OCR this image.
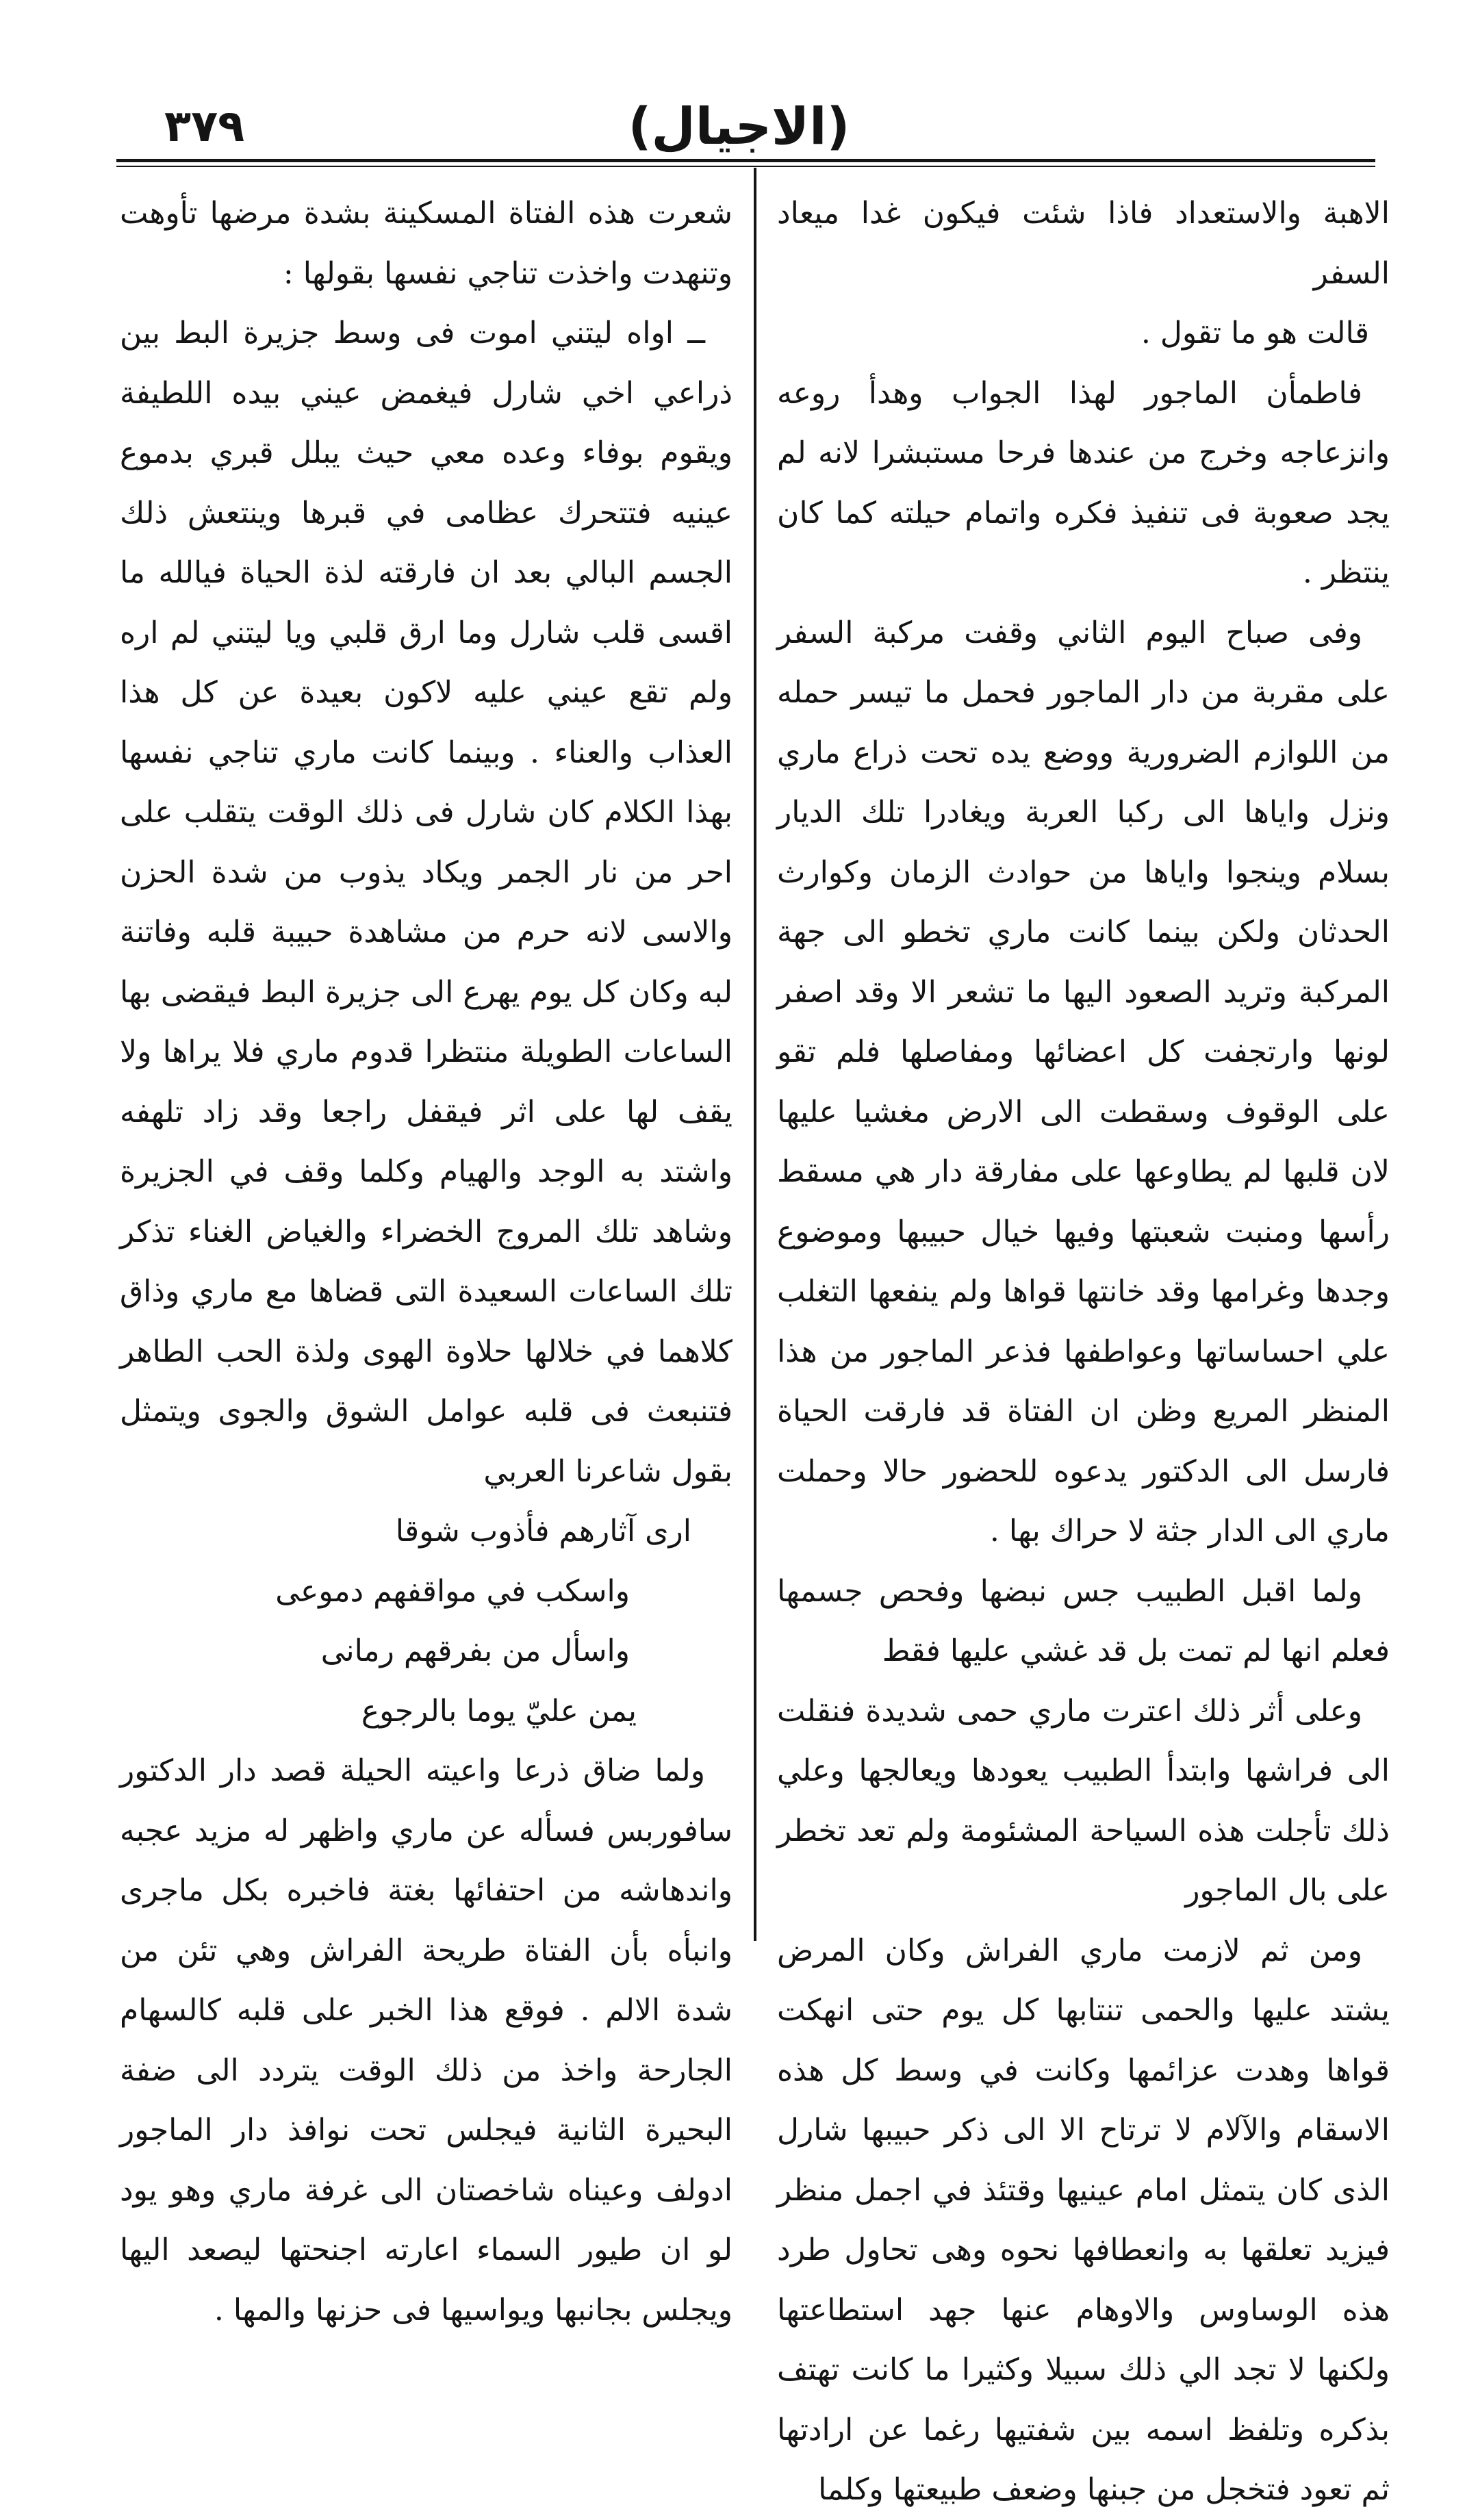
(الاجيال)
٣٧٩

الاهبة والاستعداد فاذا شئت فيكون غدا ميعاد السفر

قالت هو ما تقول .

فاطمأن الماجور لهذا الجواب وهدأ روعه وانزعاجه وخرج من عندها فرحا مستبشرا لانه لم يجد صعوبة فى تنفيذ فكره واتمام حيلته كما كان ينتظر .

وفى صباح اليوم الثاني وقفت مركبة السفر على مقربة من دار الماجور فحمل ما تيسر حمله من اللوازم الضرورية ووضع يده تحت ذراع ماري ونزل واياها الى ركبا العربة ويغادرا تلك الديار بسلام وينجوا واياها من حوادث الزمان وكوارث الحدثان ولكن بينما كانت ماري تخطو الى جهة المركبة وتريد الصعود اليها ما تشعر الا وقد اصفر لونها وارتجفت كل اعضائها ومفاصلها فلم تقو على الوقوف وسقطت الى الارض مغشيا عليها لان قلبها لم يطاوعها على مفارقة دار هي مسقط رأسها ومنبت شعبتها وفيها خيال حبيبها وموضوع وجدها وغرامها وقد خانتها قواها ولم ينفعها التغلب علي احساساتها وعواطفها فذعر الماجور من هذا المنظر المريع وظن ان الفتاة قد فارقت الحياة فارسل الى الدكتور يدعوه للحضور حالا وحملت ماري الى الدار جثة لا حراك بها .

ولما اقبل الطبيب جس نبضها وفحص جسمها فعلم انها لم تمت بل قد غشي عليها فقط

وعلى أثر ذلك اعترت ماري حمى شديدة فنقلت الى فراشها وابتدأ الطبيب يعودها ويعالجها وعلي ذلك تأجلت هذه السياحة المشئومة ولم تعد تخطر على بال الماجور

ومن ثم لازمت ماري الفراش وكان المرض يشتد عليها والحمى تنتابها كل يوم حتى انهكت قواها وهدت عزائمها وكانت في وسط كل هذه الاسقام والآلام لا ترتاح الا الى ذكر حبيبها شارل الذى كان يتمثل امام عينيها وقتئذ في اجمل منظر فيزيد تعلقها به وانعطافها نحوه وهى تحاول طرد هذه الوساوس والاوهام عنها جهد استطاعتها ولكنها لا تجد الي ذلك سبيلا وكثيرا ما كانت تهتف بذكره وتلفظ اسمه بين شفتيها رغما عن ارادتها ثم تعود فتخجل من جبنها وضعف طبيعتها وكلما

شعرت هذه الفتاة المسكينة بشدة مرضها تأوهت وتنهدت واخذت تناجي نفسها بقولها :

ــ اواه ليتني اموت فى وسط جزيرة البط بين ذراعي اخي شارل فيغمض عيني بيده اللطيفة ويقوم بوفاء وعده معي حيث يبلل قبري بدموع عينيه فتتحرك عظامى في قبرها وينتعش ذلك الجسم البالي بعد ان فارقته لذة الحياة فيالله ما اقسى قلب شارل وما ارق قلبي ويا ليتني لم اره ولم تقع عيني عليه لاكون بعيدة عن كل هذا العذاب والعناء . وبينما كانت ماري تناجي نفسها بهذا الكلام كان شارل فى ذلك الوقت يتقلب على احر من نار الجمر ويكاد يذوب من شدة الحزن والاسى لانه حرم من مشاهدة حبيبة قلبه وفاتنة لبه وكان كل يوم يهرع الى جزيرة البط فيقضى بها الساعات الطويلة منتظرا قدوم ماري فلا يراها ولا يقف لها على اثر فيقفل راجعا وقد زاد تلهفه واشتد به الوجد والهيام وكلما وقف في الجزيرة وشاهد تلك المروج الخضراء والغياض الغناء تذكر تلك الساعات السعيدة التى قضاها مع ماري وذاق كلاهما في خلالها حلاوة الهوى ولذة الحب الطاهر فتنبعث فى قلبه عوامل الشوق والجوى ويتمثل بقول شاعرنا العربي

ارى آثارهم فأذوب شوقا
واسكب في مواقفهم دموعى
واسأل من بفرقهم رمانى
يمن عليّ يوما بالرجوع

ولما ضاق ذرعا واعيته الحيلة قصد دار الدكتور سافوربس فسأله عن ماري واظهر له مزيد عجبه واندهاشه من احتفائها بغتة فاخبره بكل ماجرى وانبأه بأن الفتاة طريحة الفراش وهي تئن من شدة الالم . فوقع هذا الخبر على قلبه كالسهام الجارحة واخذ من ذلك الوقت يتردد الى ضفة البحيرة الثانية فيجلس تحت نوافذ دار الماجور ادولف وعيناه شاخصتان الى غرفة ماري وهو يود لو ان طيور السماء اعارته اجنحتها ليصعد اليها ويجلس بجانبها ويواسيها فى حزنها والمها .
